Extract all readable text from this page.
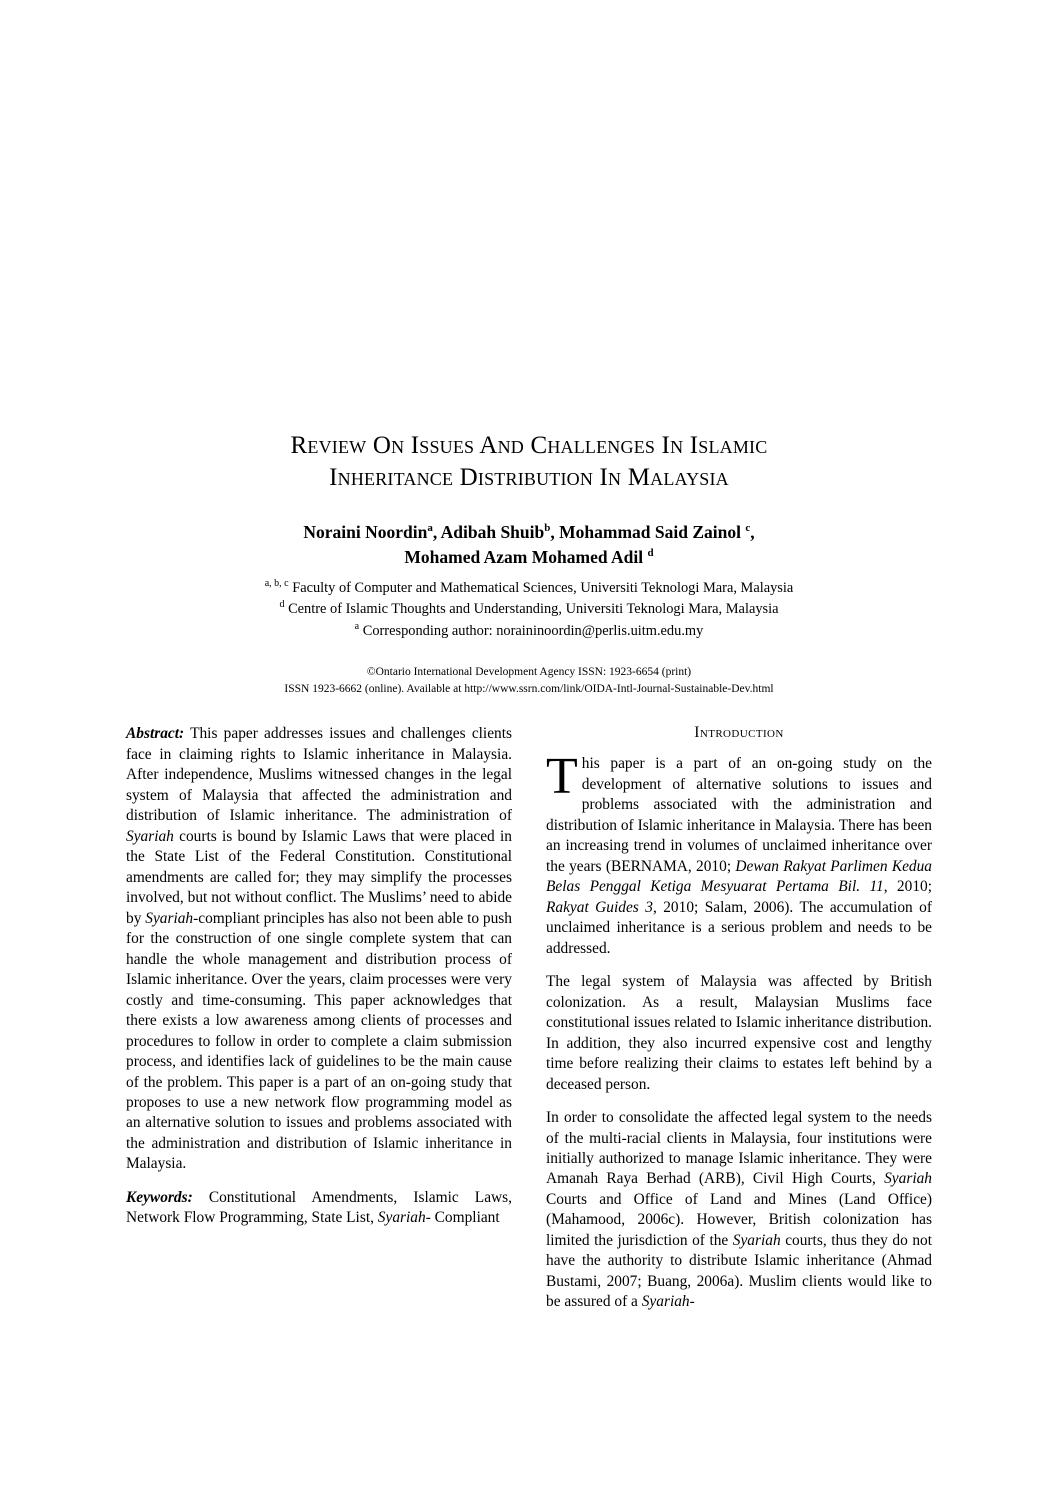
Review On Issues And Challenges In Islamic
Inheritance Distribution In Malaysia
Noraini Noordin$^a$, Adibah Shuib$^b$, Mohammad Said Zainol $^c$,
Mohamed Azam Mohamed Adil $^d$
$^{a, b, c}$ Faculty of Computer and Mathematical Sciences, Universiti Teknologi Mara, Malaysia
$^d$ Centre of Islamic Thoughts and Understanding, Universiti Teknologi Mara, Malaysia
$^a$ Corresponding author: noraininoordin@perlis.uitm.edu.my
©Ontario International Development Agency ISSN: 1923-6654 (print)
ISSN 1923-6662 (online). Available at http://www.ssrn.com/link/OIDA-Intl-Journal-Sustainable-Dev.html

Abstract: This paper addresses issues and challenges clients face in claiming rights to Islamic inheritance in Malaysia. After independence, Muslims witnessed changes in the legal system of Malaysia that affected the administration and distribution of Islamic inheritance. The administration of Syariah courts is bound by Islamic Laws that were placed in the State List of the Federal Constitution. Constitutional amendments are called for; they may simplify the processes involved, but not without conflict. The Muslims’ need to abide by Syariah-compliant principles has also not been able to push for the construction of one single complete system that can handle the whole management and distribution process of Islamic inheritance. Over the years, claim processes were very costly and time-consuming. This paper acknowledges that there exists a low awareness among clients of processes and procedures to follow in order to complete a claim submission process, and identifies lack of guidelines to be the main cause of the problem. This paper is a part of an on-going study that proposes to use a new network flow programming model as an alternative solution to issues and problems associated with the administration and distribution of Islamic inheritance in Malaysia.

Keywords: Constitutional Amendments, Islamic Laws, Network Flow Programming, State List, Syariah- Compliant

Introduction

This paper is a part of an on-going study on the development of alternative solutions to issues and problems associated with the administration and distribution of Islamic inheritance in Malaysia. There has been an increasing trend in volumes of unclaimed inheritance over the years (BERNAMA, 2010; Dewan Rakyat Parlimen Kedua Belas Penggal Ketiga Mesyuarat Pertama Bil. 11, 2010; Rakyat Guides 3, 2010; Salam, 2006). The accumulation of unclaimed inheritance is a serious problem and needs to be addressed.

The legal system of Malaysia was affected by British colonization. As a result, Malaysian Muslims face constitutional issues related to Islamic inheritance distribution. In addition, they also incurred expensive cost and lengthy time before realizing their claims to estates left behind by a deceased person.

In order to consolidate the affected legal system to the needs of the multi-racial clients in Malaysia, four institutions were initially authorized to manage Islamic inheritance. They were Amanah Raya Berhad (ARB), Civil High Courts, Syariah Courts and Office of Land and Mines (Land Office) (Mahamood, 2006c). However, British colonization has limited the jurisdiction of the Syariah courts, thus they do not have the authority to distribute Islamic inheritance (Ahmad Bustami, 2007; Buang, 2006a). Muslim clients would like to be assured of a Syariah-
